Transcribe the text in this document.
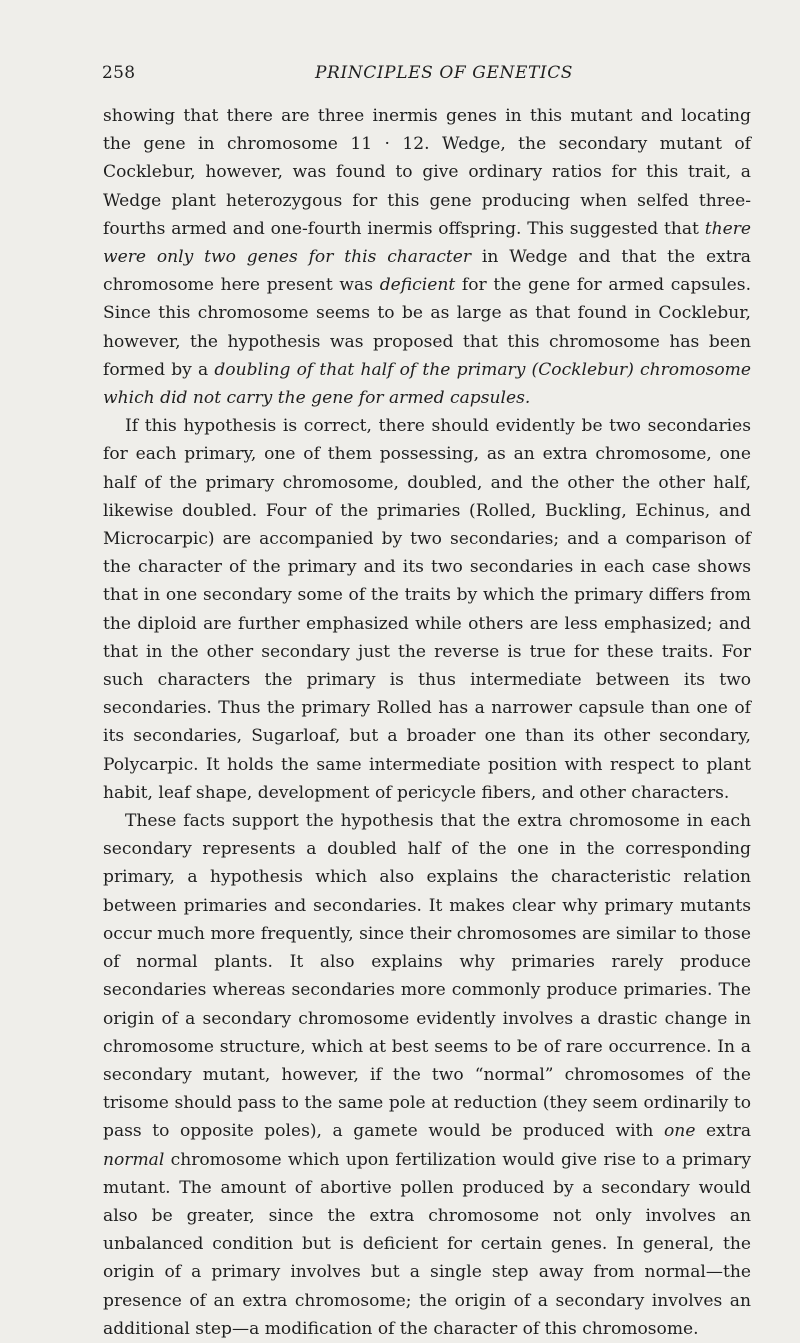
258	PRINCIPLES OF GENETICS

showing that there are three inermis genes in this mutant and locating the gene in chromosome 11 · 12. Wedge, the secondary mutant of Cocklebur, however, was found to give ordinary ratios for this trait, a Wedge plant heterozygous for this gene producing when selfed three-fourths armed and one-fourth inermis offspring. This suggested that there were only two genes for this character in Wedge and that the extra chromosome here present was deficient for the gene for armed capsules. Since this chromosome seems to be as large as that found in Cocklebur, however, the hypothesis was proposed that this chromosome has been formed by a doubling of that half of the primary (Cocklebur) chromosome which did not carry the gene for armed capsules.

If this hypothesis is correct, there should evidently be two secondaries for each primary, one of them possessing, as an extra chromosome, one half of the primary chromosome, doubled, and the other the other half, likewise doubled. Four of the primaries (Rolled, Buckling, Echinus, and Microcarpic) are accompanied by two secondaries; and a comparison of the character of the primary and its two secondaries in each case shows that in one secondary some of the traits by which the primary differs from the diploid are further emphasized while others are less emphasized; and that in the other secondary just the reverse is true for these traits. For such characters the primary is thus intermediate between its two secondaries. Thus the primary Rolled has a narrower capsule than one of its secondaries, Sugarloaf, but a broader one than its other secondary, Polycarpic. It holds the same intermediate position with respect to plant habit, leaf shape, development of pericycle fibers, and other characters.

These facts support the hypothesis that the extra chromosome in each secondary represents a doubled half of the one in the corresponding primary, a hypothesis which also explains the characteristic relation between primaries and secondaries. It makes clear why primary mutants occur much more frequently, since their chromosomes are similar to those of normal plants. It also explains why primaries rarely produce secondaries whereas secondaries more commonly produce primaries. The origin of a secondary chromosome evidently involves a drastic change in chromosome structure, which at best seems to be of rare occurrence. In a secondary mutant, however, if the two “normal” chromosomes of the trisome should pass to the same pole at reduction (they seem ordinarily to pass to opposite poles), a gamete would be produced with one extra normal chromosome which upon fertilization would give rise to a primary mutant. The amount of abortive pollen produced by a secondary would also be greater, since the extra chromosome not only involves an unbalanced condition but is deficient for certain genes. In general, the origin of a primary involves but a single step away from normal—the presence of an extra chromosome; the origin of a secondary involves an additional step—a modification of the character of this chromosome.
